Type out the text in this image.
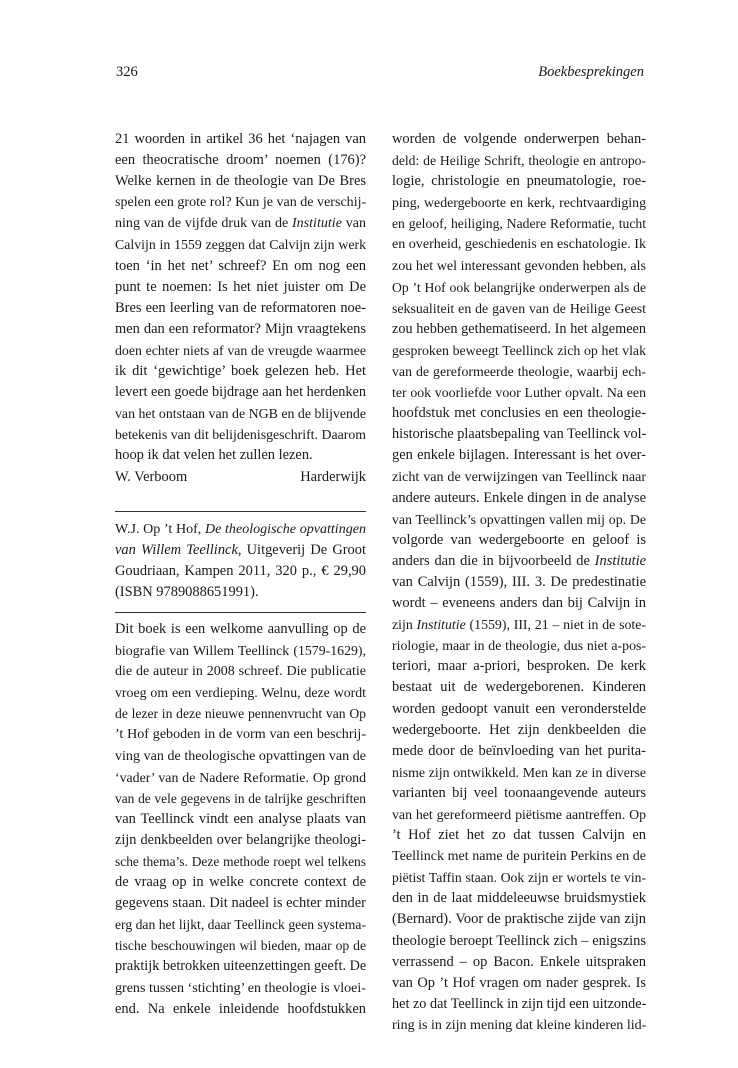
326	Boekbesprekingen
21 woorden in artikel 36 het ‘najagen van
een theocratische droom’ noemen (176)?
Welke kernen in de theologie van De Bres
spelen een grote rol? Kun je van de verschij-
ning van de vijfde druk van de Institutie van
Calvijn in 1559 zeggen dat Calvijn zijn werk
toen ‘in het net’ schreef? En om nog een
punt te noemen: Is het niet juister om De
Bres een leerling van de reformatoren noe-
men dan een reformator? Mijn vraagtekens
doen echter niets af van de vreugde waarmee
ik dit ‘gewichtige’ boek gelezen heb. Het
levert een goede bijdrage aan het herdenken
van het ontstaan van de NGB en de blijvende
betekenis van dit belijdenisgeschrift. Daarom
hoop ik dat velen het zullen lezen.
W. Verboom	Harderwijk
W.J. Op ’t Hof, De theologische opvattingen
van Willem Teellinck, Uitgeverij De Groot
Goudriaan, Kampen 2011, 320 p., € 29,90
(ISBN 9789088651991).
Dit boek is een welkome aanvulling op de
biografie van Willem Teellinck (1579-1629),
die de auteur in 2008 schreef. Die publicatie
vroeg om een verdieping. Welnu, deze wordt
de lezer in deze nieuwe pennenvrucht van Op
’t Hof geboden in de vorm van een beschrij-
ving van de theologische opvattingen van de
‘vader’ van de Nadere Reformatie. Op grond
van de vele gegevens in de talrijke geschriften
van Teellinck vindt een analyse plaats van
zijn denkbeelden over belangrijke theologi-
sche thema’s. Deze methode roept wel telkens
de vraag op in welke concrete context de
gegevens staan. Dit nadeel is echter minder
erg dan het lijkt, daar Teellinck geen systema-
tische beschouwingen wil bieden, maar op de
praktijk betrokken uiteenzettingen geeft. De
grens tussen ‘stichting’ en theologie is vloei-
end. Na enkele inleidende hoofdstukken
worden de volgende onderwerpen behan-
deld: de Heilige Schrift, theologie en antropo-
logie, christologie en pneumatologie, roe-
ping, wedergeboorte en kerk, rechtvaardiging
en geloof, heiliging, Nadere Reformatie, tucht
en overheid, geschiedenis en eschatologie. Ik
zou het wel interessant gevonden hebben, als
Op ’t Hof ook belangrijke onderwerpen als de
seksualiteit en de gaven van de Heilige Geest
zou hebben gethematiseerd. In het algemeen
gesproken beweegt Teellinck zich op het vlak
van de gereformeerde theologie, waarbij ech-
ter ook voorliefde voor Luther opvalt. Na een
hoofdstuk met conclusies en een theologie-
historische plaatsbepaling van Teellinck vol-
gen enkele bijlagen. Interessant is het over-
zicht van de verwijzingen van Teellinck naar
andere auteurs. Enkele dingen in de analyse
van Teellinck’s opvattingen vallen mij op. De
volgorde van wedergeboorte en geloof is
anders dan die in bijvoorbeeld de Institutie
van Calvijn (1559), III. 3. De predestinatie
wordt – eveneens anders dan bij Calvijn in
zijn Institutie (1559), III, 21 – niet in de sote-
riologie, maar in de theologie, dus niet a-pos-
teriori, maar a-priori, besproken. De kerk
bestaat uit de wedergeborenen. Kinderen
worden gedoopt vanuit een veronderstelde
wedergeboorte. Het zijn denkbeelden die
mede door de beïnvloeding van het purita-
nisme zijn ontwikkeld. Men kan ze in diverse
varianten bij veel toonaangevende auteurs
van het gereformeerd piëtisme aantreffen. Op
’t Hof ziet het zo dat tussen Calvijn en
Teellinck met name de puritein Perkins en de
piëtist Taffin staan. Ook zijn er wortels te vin-
den in de laat middeleeuwse bruidsmystiek
(Bernard). Voor de praktische zijde van zijn
theologie beroept Teellinck zich – enigszins
verrassend – op Bacon. Enkele uitspraken
van Op ’t Hof vragen om nader gesprek. Is
het zo dat Teellinck in zijn tijd een uitzonde-
ring is in zijn mening dat kleine kinderen lid-
